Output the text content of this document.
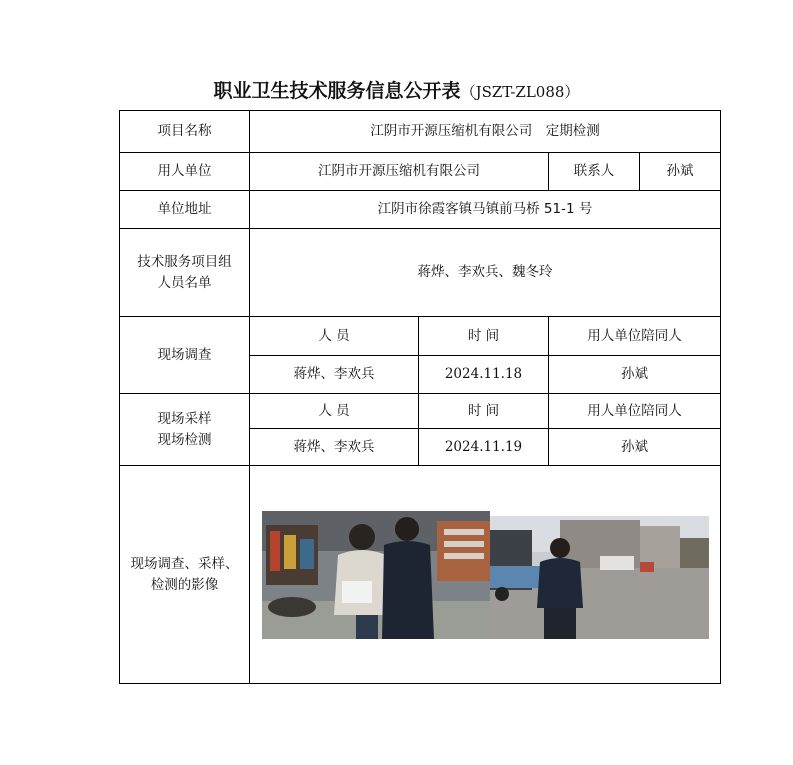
职业卫生技术服务信息公开表（JSZT-ZL088）
项目名称	江阴市开源压缩机有限公司　定期检测			
用人单位	江阴市开源压缩机有限公司		联系人	孙斌
单位地址	江阴市徐霞客镇马镇前马桥 51-1 号			

技术服务项目组
人员名单	蒋烨、李欢兵、魏冬玲			
现场调查	人 员	时 间	用人单位陪同人	
	蒋烨、李欢兵	2024.11.18	孙斌	

现场采样
现场检测	人 员	时 间	用人单位陪同人	
	蒋烨、李欢兵	2024.11.19	孙斌	

现场调查、采样、
检测的影像
